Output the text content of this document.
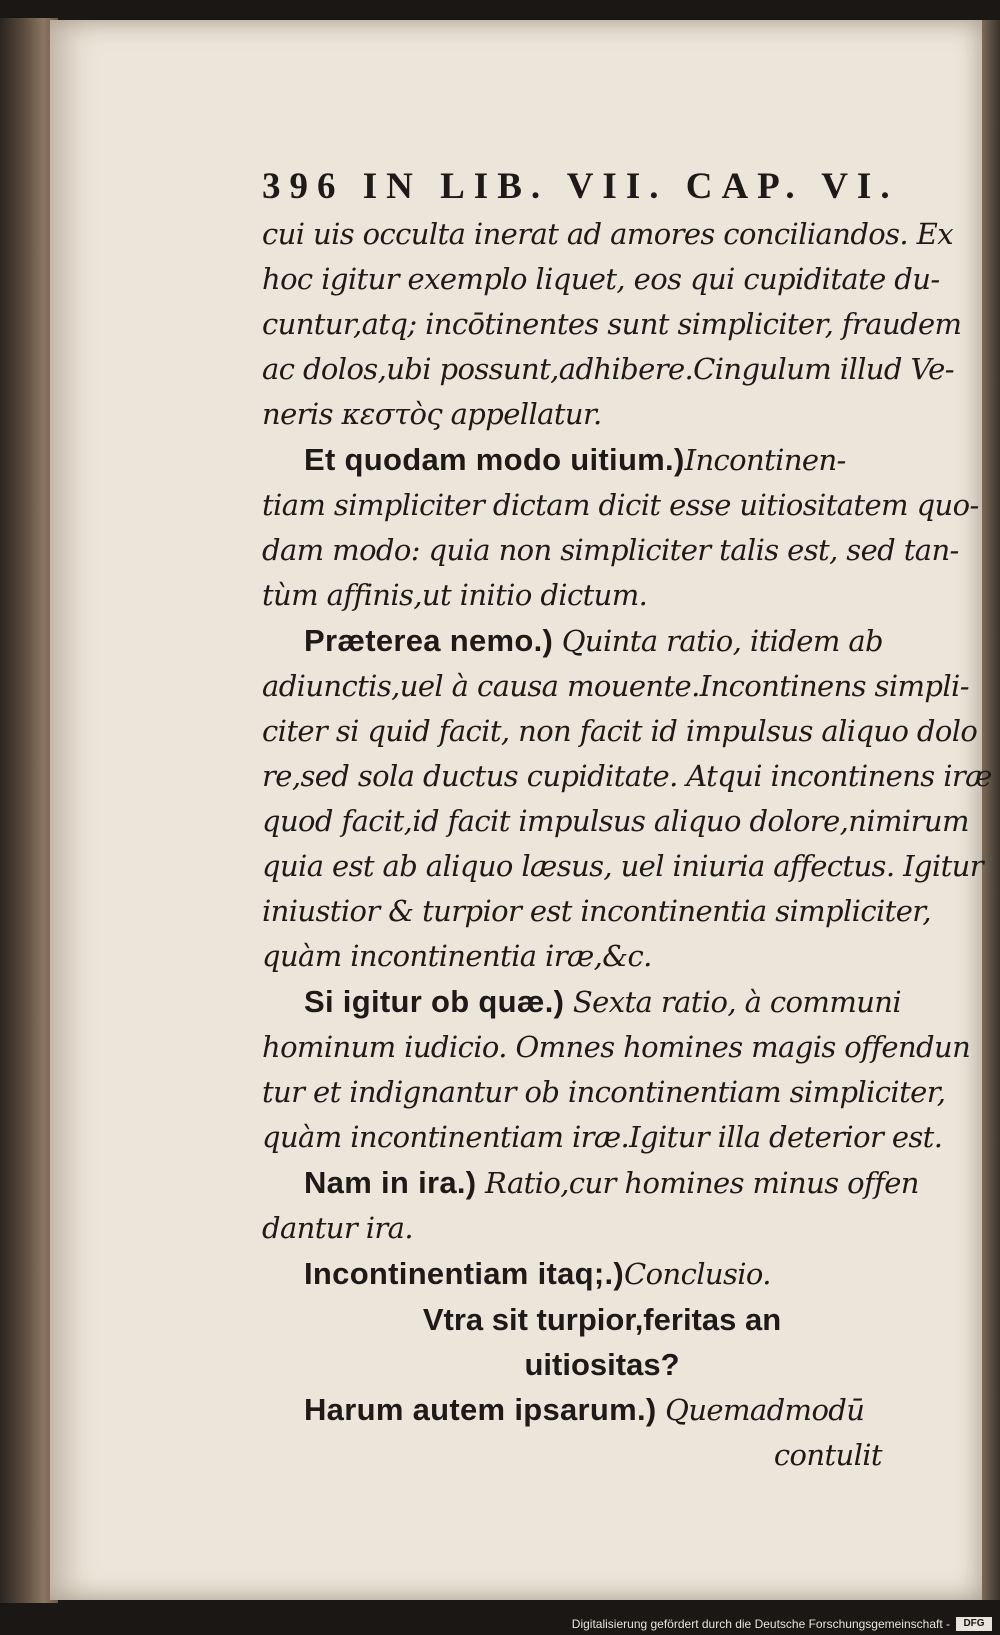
396 IN LIB. VII. CAP. VI.
cui uis occulta inerat ad amores conciliandos. Ex
hoc igitur exemplo liquet, eos qui cupiditate du-
cuntur,atq; incōtinentes sunt simpliciter, fraudem
ac dolos,ubi possunt,adhibere.Cingulum illud Ve-
neris κεστὸς appellatur.
Et quodam modo uitium.)Incontinen-
tiam simpliciter dictam dicit esse uitiositatem quo-
dam modo: quia non simpliciter talis est, sed tan-
tùm affinis,ut initio dictum.
Præterea nemo.) Quinta ratio, itidem ab
adiunctis,uel à causa mouente.Incontinens simpli-
citer si quid facit, non facit id impulsus aliquo dolo
re,sed sola ductus cupiditate. Atqui incontinens iræ
quod facit,id facit impulsus aliquo dolore,nimirum
quia est ab aliquo læsus, uel iniuria affectus. Igitur
iniustior & turpior est incontinentia simpliciter,
quàm incontinentia iræ,&c.
Si igitur ob quæ.) Sexta ratio, à communi
hominum iudicio. Omnes homines magis offendun
tur et indignantur ob incontinentiam simpliciter,
quàm incontinentiam iræ.Igitur illa deterior est.
Nam in ira.) Ratio,cur homines minus offen
dantur ira.
Incontinentiam itaq;.)Conclusio.
Vtra sit turpior,feritas an
uitiositas?
Harum autem ipsarum.) Quemadmodū
contulit
Digitalisierung gefördert durch die Deutsche Forschungsgemeinschaft -	DFG
